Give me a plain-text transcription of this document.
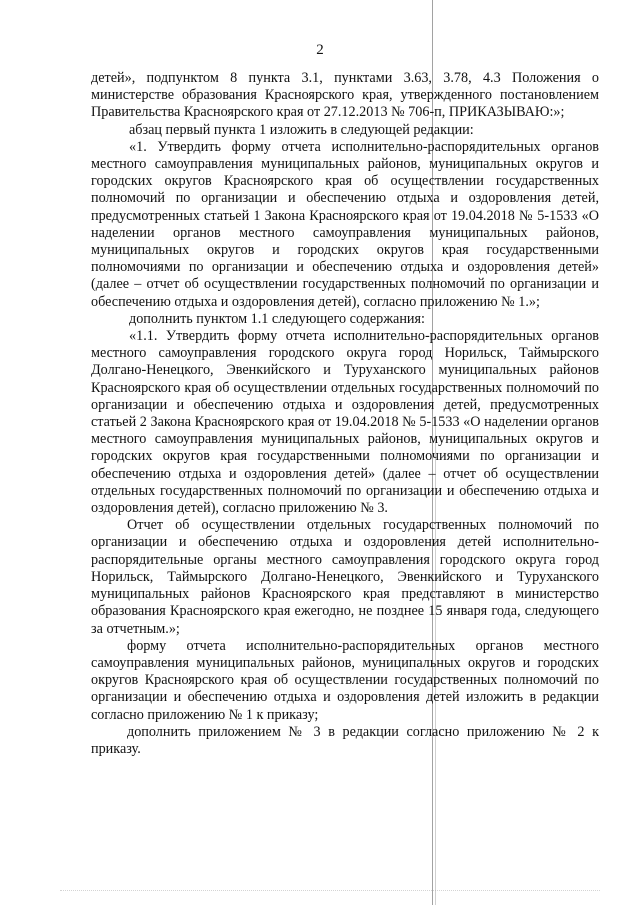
2

детей», подпунктом 8 пункта 3.1, пунктами 3.63, 3.78, 4.3 Положения о министерстве образования Красноярского края, утвержденного постановлением Правительства Красноярского края от 27.12.2013 № 706-п, ПРИКАЗЫВАЮ:»;

абзац первый пункта 1 изложить в следующей редакции:

«1. Утвердить форму отчета исполнительно-распорядительных органов местного самоуправления муниципальных районов, муниципальных округов и городских округов Красноярского края об осуществлении государственных полномочий по организации и обеспечению отдыха и оздоровления детей, предусмотренных статьей 1 Закона Красноярского края от 19.04.2018 № 5-1533 «О наделении органов местного самоуправления муниципальных районов, муниципальных округов и городских округов края государственными полномочиями по организации и обеспечению отдыха и оздоровления детей» (далее – отчет об осуществлении государственных полномочий по организации и обеспечению отдыха и оздоровления детей), согласно приложению № 1.»;

дополнить пунктом 1.1 следующего содержания:

«1.1. Утвердить форму отчета исполнительно-распорядительных органов местного самоуправления городского округа город Норильск, Таймырского Долгано-Ненецкого, Эвенкийского и Туруханского муниципальных районов Красноярского края об осуществлении отдельных государственных полномочий по организации и обеспечению отдыха и оздоровления детей, предусмотренных статьей 2 Закона Красноярского края от 19.04.2018 № 5-1533 «О наделении органов местного самоуправления муниципальных районов, муниципальных округов и городских округов края государственными полномочиями по организации и обеспечению отдыха и оздоровления детей» (далее – отчет об осуществлении отдельных государственных полномочий по организации и обеспечению отдыха и оздоровления детей), согласно приложению № 3.

Отчет об осуществлении отдельных государственных полномочий по организации и обеспечению отдыха и оздоровления детей исполнительно-распорядительные органы местного самоуправления городского округа город Норильск, Таймырского Долгано-Ненецкого, Эвенкийского и Туруханского муниципальных районов Красноярского края представляют в министерство образования Красноярского края ежегодно, не позднее 15 января года, следующего за отчетным.»;

форму отчета исполнительно-распорядительных органов местного самоуправления муниципальных районов, муниципальных округов и городских округов Красноярского края об осуществлении государственных полномочий по организации и обеспечению отдыха и оздоровления детей изложить в редакции согласно приложению № 1 к приказу;

дополнить приложением № 3 в редакции согласно приложению № 2 к приказу.
